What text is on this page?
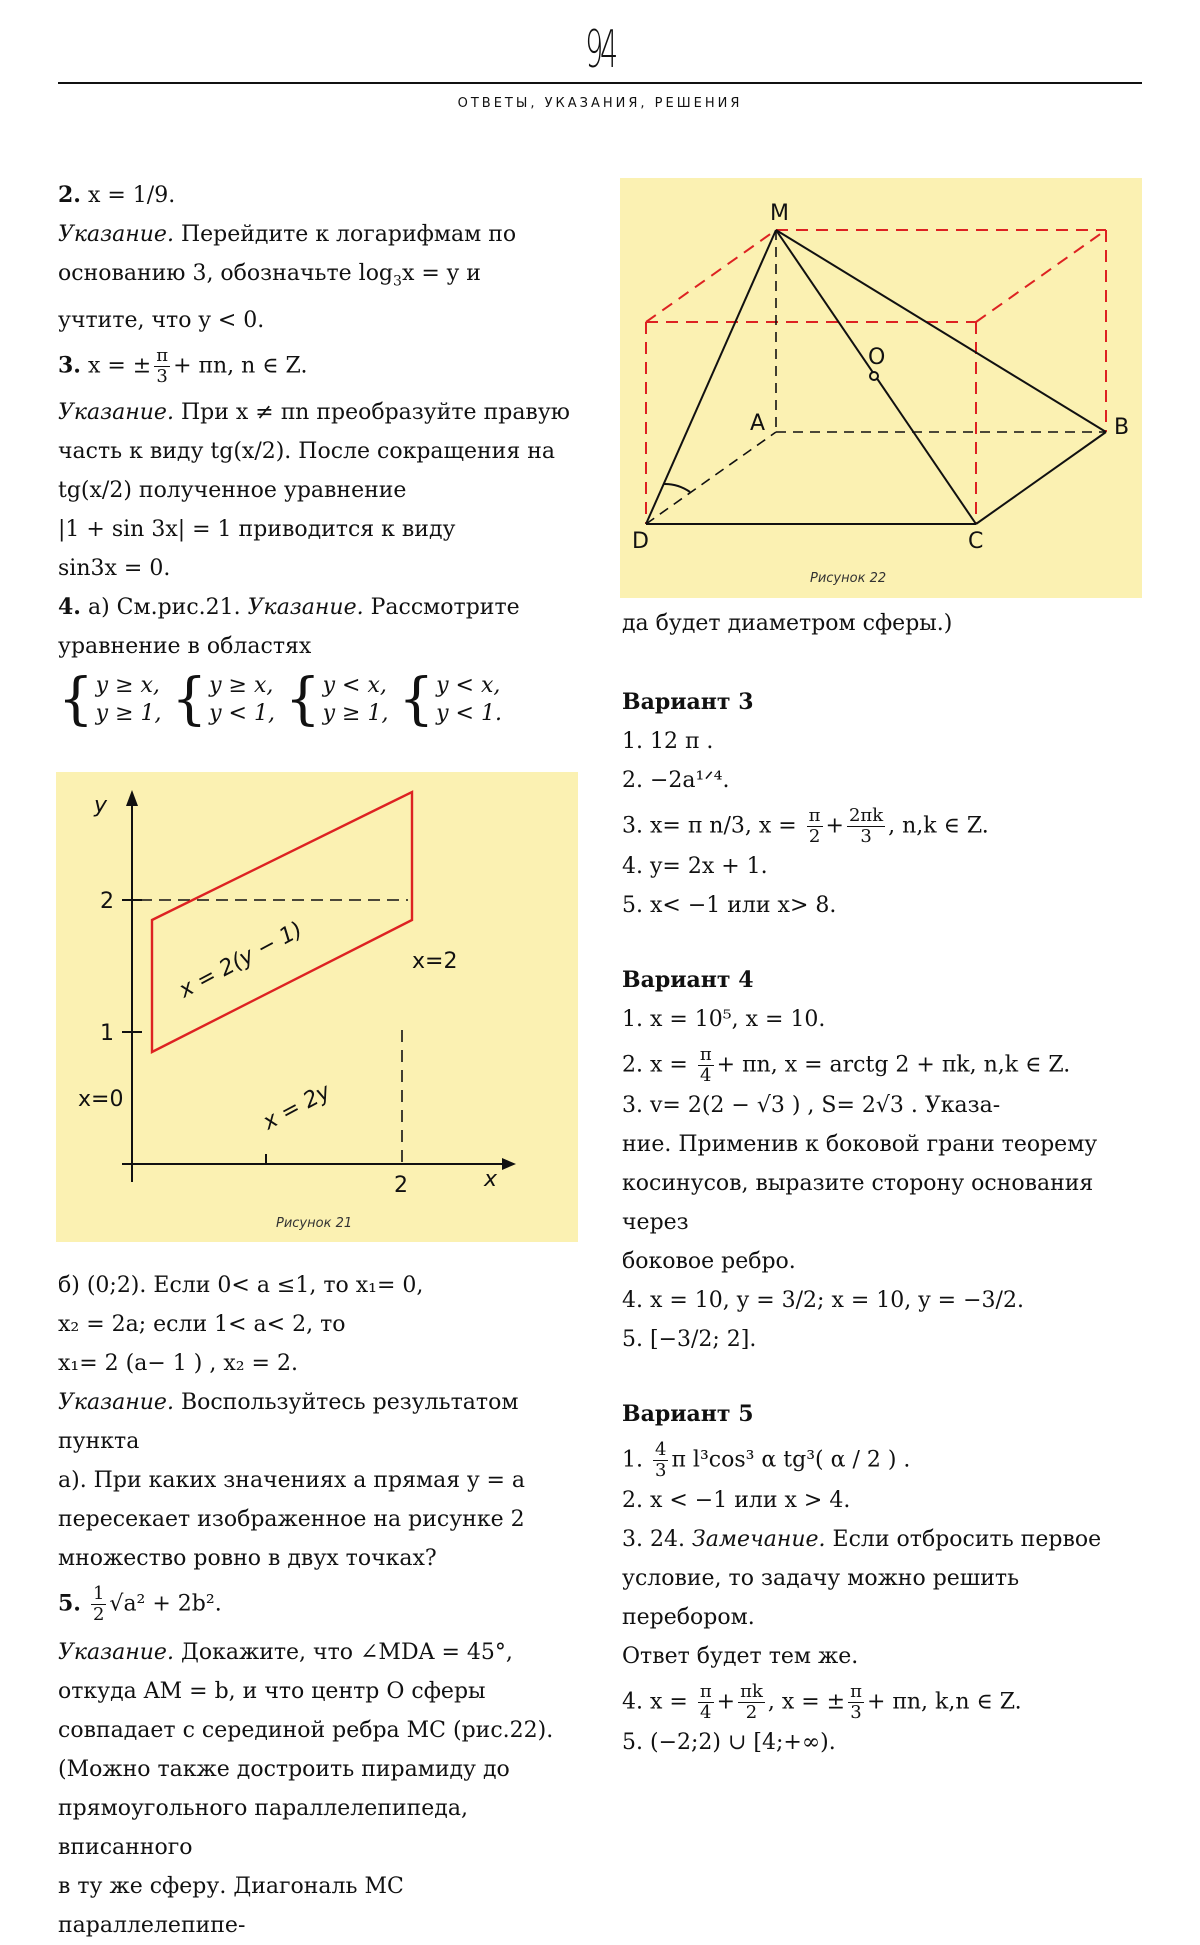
94
ОТВЕТЫ, УКАЗАНИЯ, РЕШЕНИЯ

2. x = 1/9.

Указание. Перейдите к логарифмам по

основанию 3, обозначьте $\log_3x = y$ и

учтите, что y < 0.

3. x = ± $\frac{\pi}{3} + \pi n$, n ∈ Z.

Указание. При x ≠ πn преобразуйте правую

часть к виду tg(x/2). После сокращения на

tg(x/2) полученное уравнение

|1 + sin 3x| = 1 приводится к виду

sin3x = 0.

4. а) См.рис.21. Указание. Рассмотрите

уравнение в областях

{ y ≥ x,
y ≥ 1, { y ≥ x,
y < 1, { y < x,
y ≥ 1, { y < x,
y < 1.
y
x
2
1
2
x=0
x=2
x = 2(y − 1)
x = 2y
Рисунок 21

б) (0;2). Если 0< a ≤1, то x₁= 0,

x₂ = 2a; если 1< a< 2, то

x₁= 2 (a− 1 ) , x₂ = 2.

Указание. Воспользуйтесь результатом пункта

а). При каких значениях a прямая y = a

пересекает изображенное на рисунке 2

множество ровно в двух точках?

5. $\frac{1}{2} √a^2 + 2b^2$.

Указание. Докажите, что ∠MDA = 45°,

откуда AM = b, и что центр O сферы

совпадает с серединой ребра MC (рис.22).

(Можно также достроить пирамиду до

прямоугольного параллелепипеда, вписанного

в ту же сферу. Диагональ MC параллелепипе-

M
O
A	B
D	C
Рисунок 22

да будет диаметром сферы.)

Вариант 3

1. 12 π .

2. −2a¹ᐟ⁴.

3. x= π n/3, $x = \frac{\pi}{2} + \frac{2\pi k}{3}$ , n,k ∈ Z.

4. y= 2x + 1.

5. x< −1 или x> 8.

Вариант 4

1. x = 10⁵, x = 10.

2. $x = \frac{\pi}{4} + \pi n$, x = arctg 2 + πk, n,k ∈ Z.

3. v= 2(2 − √3 ) , S= 2√3 . Указа-

ние. Применив к боковой грани теорему

косинусов, выразите сторону основания через

боковое ребро.

4. x = 10, y = 3/2; x = 10, y = −3/2.

5. [−3/2; 2].

Вариант 5

1. $\frac{4}{3}$ π l³cos³ α tg³( α / 2 ) .

2. x < −1 или x > 4.

3. 24. Замечание. Если отбросить первое

условие, то задачу можно решить перебором.

Ответ будет тем же.

4. $x = \frac{\pi}{4} + \frac{\pi k}{2}$ , x = ± $\frac{\pi}{3} + \pi n$, k,n ∈ Z.

5. (−2;2) ∪ [4;+∞).
